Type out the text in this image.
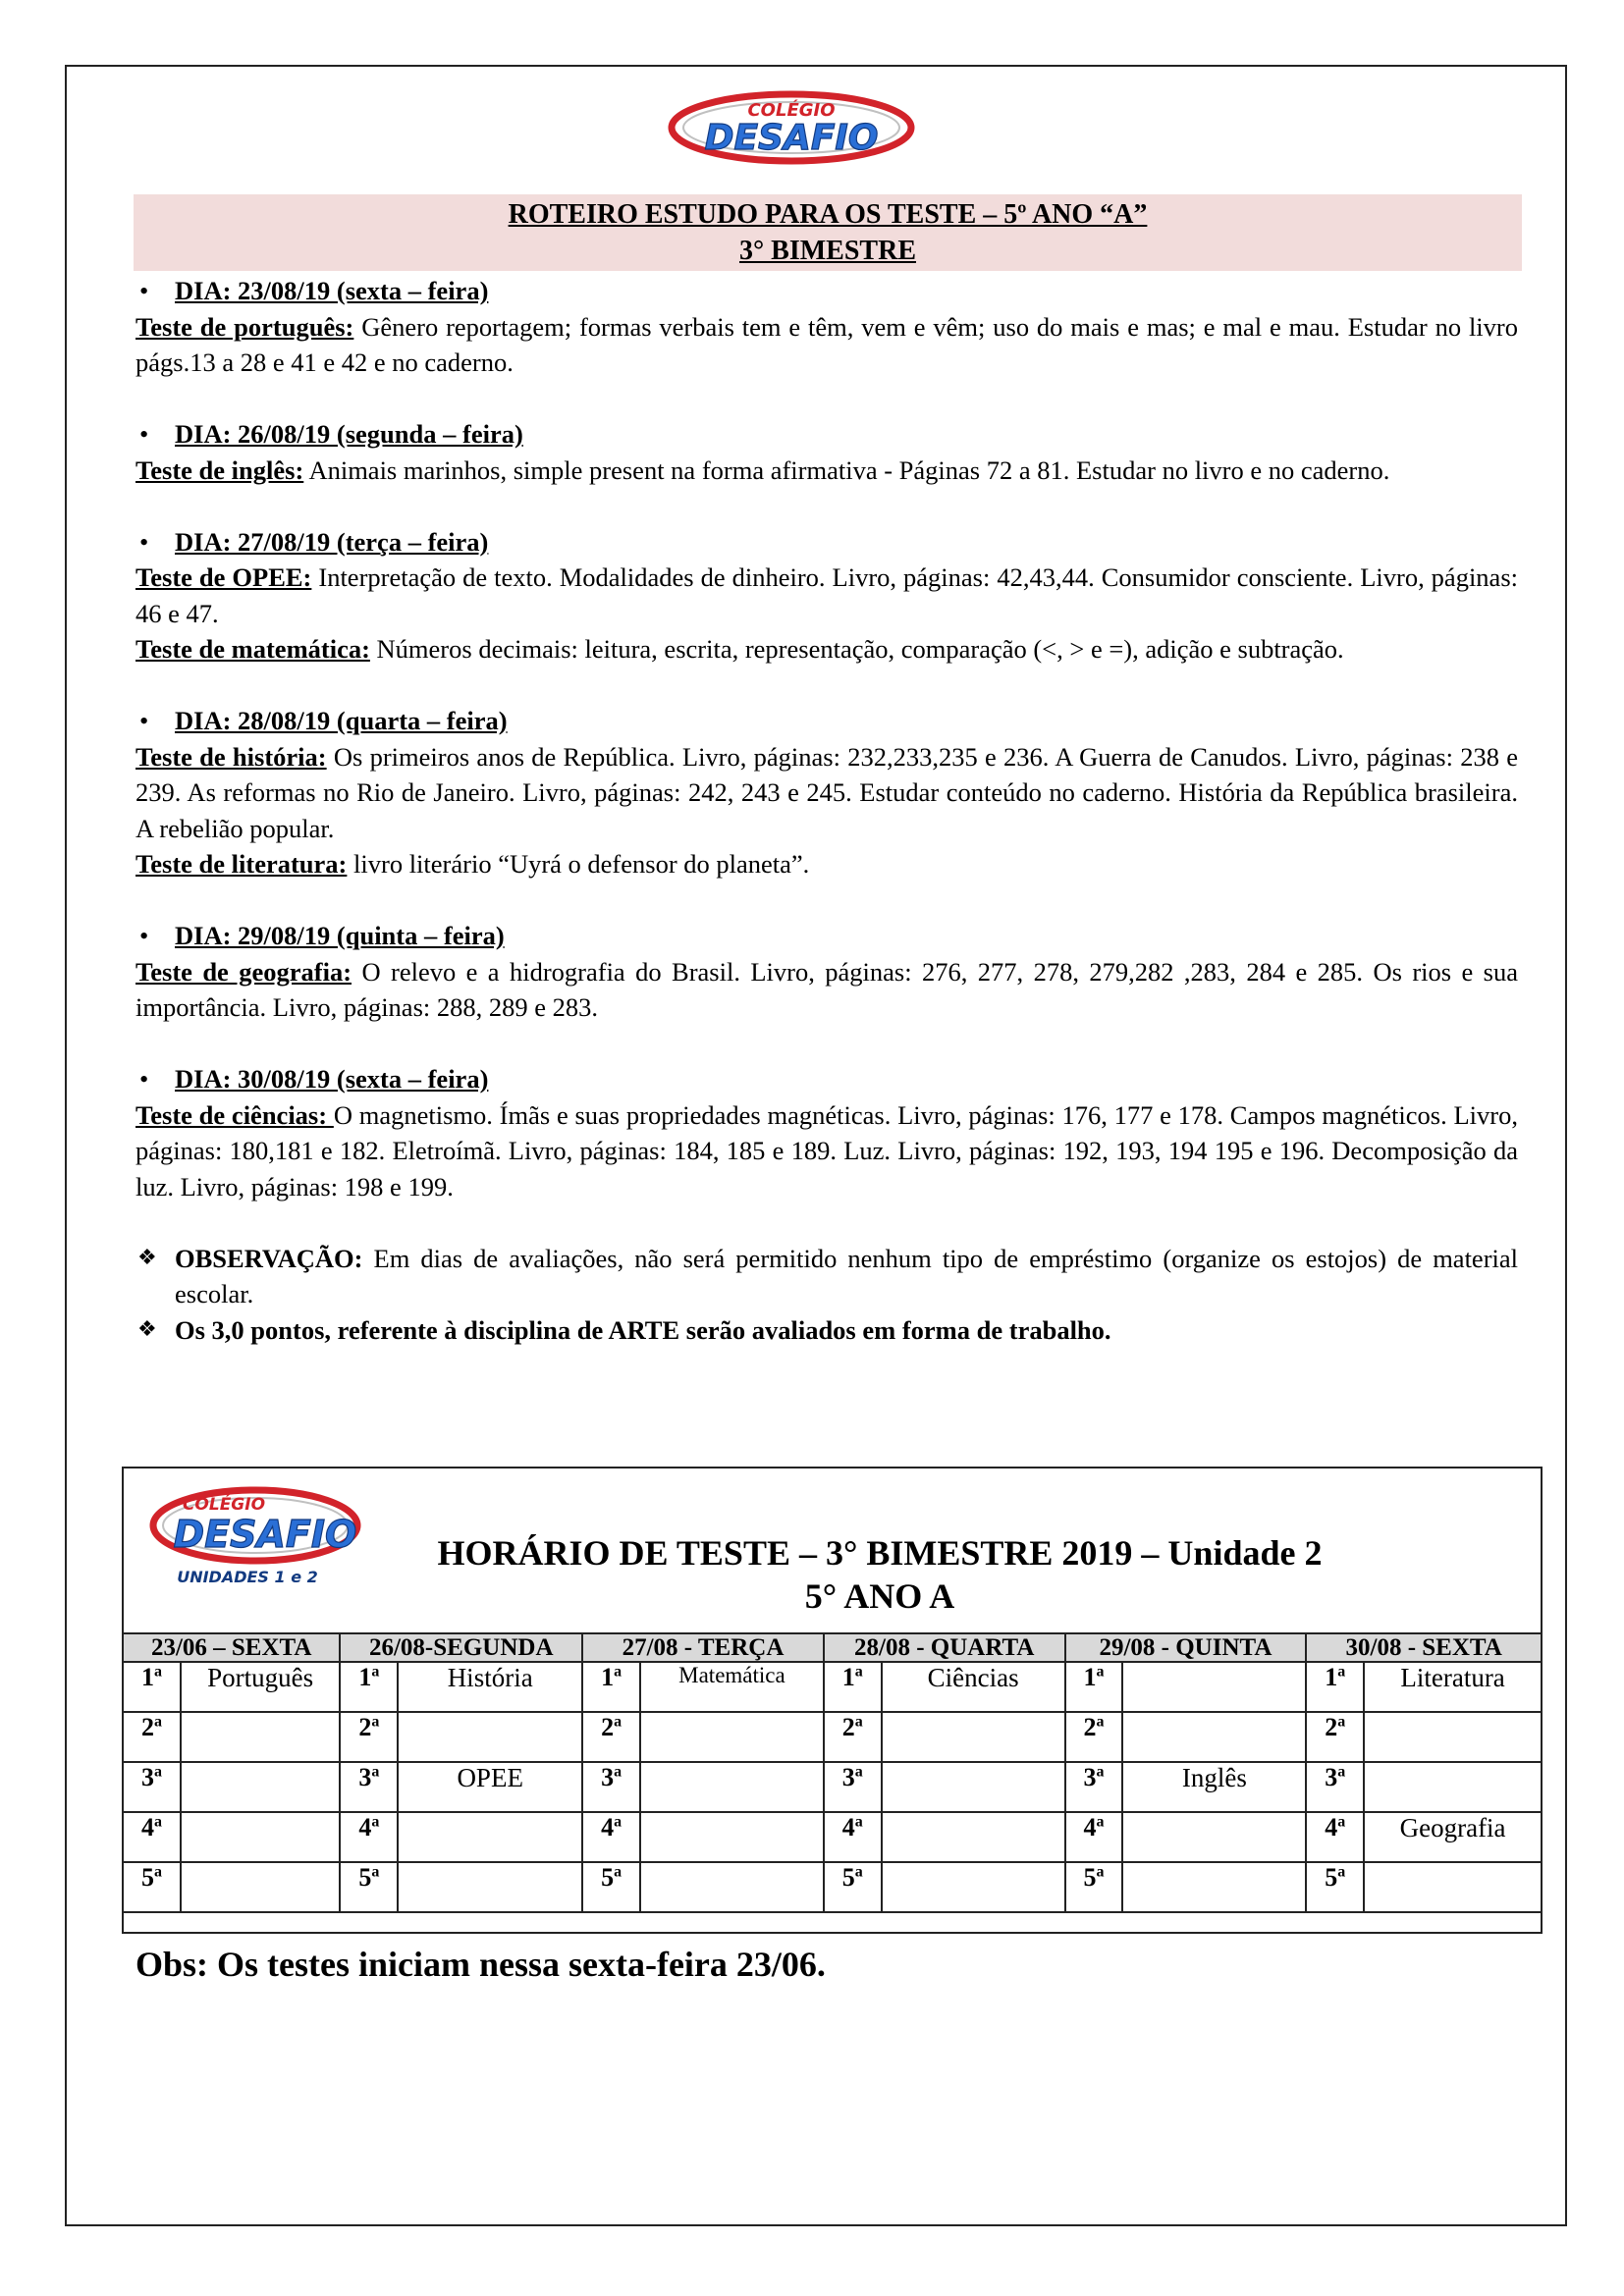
COLÉGIO
DESAFIO
ROTEIRO ESTUDO PARA OS TESTE – 5º ANO “A”
3° BIMESTRE

• DIA: 23/08/19 (sexta – feira)

Teste de português: Gênero reportagem; formas verbais tem e têm, vem e vêm; uso do mais e mas; e mal e mau. Estudar no livro págs.13 a 28 e 41 e 42 e no caderno.

• DIA: 26/08/19 (segunda – feira)

Teste de inglês: Animais marinhos, simple present na forma afirmativa - Páginas 72 a 81. Estudar no livro e no caderno.

• DIA: 27/08/19 (terça – feira)

Teste de OPEE: Interpretação de texto. Modalidades de dinheiro. Livro, páginas: 42,43,44. Consumidor consciente. Livro, páginas: 46 e 47.

Teste de matemática: Números decimais: leitura, escrita, representação, comparação (<, > e =), adição e subtração.

• DIA: 28/08/19 (quarta – feira)

Teste de história: Os primeiros anos de República. Livro, páginas: 232,233,235 e 236. A Guerra de Canudos. Livro, páginas: 238 e 239. As reformas no Rio de Janeiro. Livro, páginas: 242, 243 e 245. Estudar conteúdo no caderno. História da República brasileira. A rebelião popular.

Teste de literatura: livro literário “Uyrá o defensor do planeta”.

• DIA: 29/08/19 (quinta – feira)

Teste de geografia: O relevo e a hidrografia do Brasil. Livro, páginas: 276, 277, 278, 279,282 ,283, 284 e 285. Os rios e sua importância. Livro, páginas: 288, 289 e 283.

• DIA: 30/08/19 (sexta – feira)

Teste de ciências: O magnetismo. Ímãs e suas propriedades magnéticas. Livro, páginas: 176, 177 e 178. Campos magnéticos. Livro, páginas: 180,181 e 182. Eletroímã. Livro, páginas: 184, 185 e 189. Luz. Livro, páginas: 192, 193, 194 195 e 196. Decomposição da luz. Livro, páginas: 198 e 199.

❖ OBSERVAÇÃO: Em dias de avaliações, não será permitido nenhum tipo de empréstimo (organize os estojos) de material escolar.

❖ Os 3,0 pontos, referente à disciplina de ARTE serão avaliados em forma de trabalho.

COLÉGIO
DESAFIO
UNIDADES 1 e 2
HORÁRIO DE TESTE – 3° BIMESTRE 2019 – Unidade 2
5° ANO A
23/06 – SEXTA		26/08-SEGUNDA		27/08 - TERÇA		28/08 - QUARTA		29/08 - QUINTA		30/08 - SEXTA	
1$^a$	Português	1$^a$	História	1$^a$	Matemática	1$^a$	Ciências	1$^a$		1$^a$	Literatura
2$^a$		2$^a$		2$^a$		2$^a$		2$^a$		2$^a$	
3$^a$		3$^a$	OPEE	3$^a$		3$^a$		3$^a$	Inglês	3$^a$	
4$^a$		4$^a$		4$^a$		4$^a$		4$^a$		4$^a$	Geografia
5$^a$		5$^a$		5$^a$		5$^a$		5$^a$		5$^a$	
Obs: Os testes iniciam nessa sexta-feira 23/06.
